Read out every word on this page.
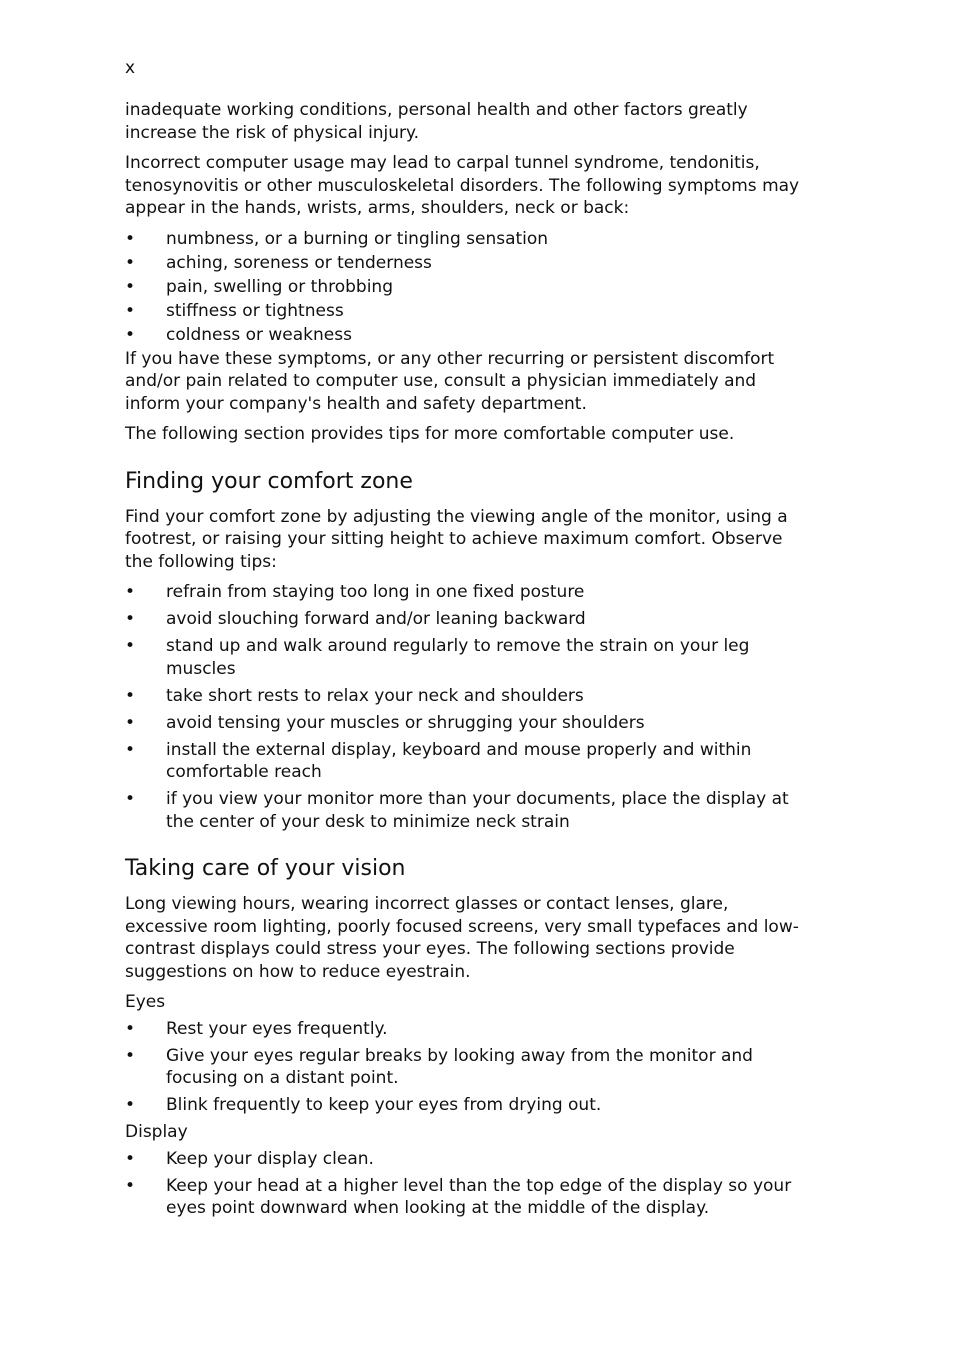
x

inadequate working conditions, personal health and other factors greatly increase the risk of physical injury.

Incorrect computer usage may lead to carpal tunnel syndrome, tendonitis, tenosynovitis or other musculoskeletal disorders. The following symptoms may appear in the hands, wrists, arms, shoulders, neck or back:

• numbness, or a burning or tingling sensation
• aching, soreness or tenderness
• pain, swelling or throbbing
• stiffness or tightness
• coldness or weakness

If you have these symptoms, or any other recurring or persistent discomfort and/or pain related to computer use, consult a physician immediately and inform your company's health and safety department.

The following section provides tips for more comfortable computer use.

Finding your comfort zone

Find your comfort zone by adjusting the viewing angle of the monitor, using a footrest, or raising your sitting height to achieve maximum comfort. Observe the following tips:

• refrain from staying too long in one fixed posture
• avoid slouching forward and/or leaning backward
• stand up and walk around regularly to remove the strain on your leg muscles
• take short rests to relax your neck and shoulders
• avoid tensing your muscles or shrugging your shoulders
• install the external display, keyboard and mouse properly and within comfortable reach
• if you view your monitor more than your documents, place the display at the center of your desk to minimize neck strain
Taking care of your vision

Long viewing hours, wearing incorrect glasses or contact lenses, glare, excessive room lighting, poorly focused screens, very small typefaces and low-contrast displays could stress your eyes. The following sections provide suggestions on how to reduce eyestrain.

Eyes

• Rest your eyes frequently.
• Give your eyes regular breaks by looking away from the monitor and focusing on a distant point.
• Blink frequently to keep your eyes from drying out.

Display

• Keep your display clean.
• Keep your head at a higher level than the top edge of the display so your eyes point downward when looking at the middle of the display.
